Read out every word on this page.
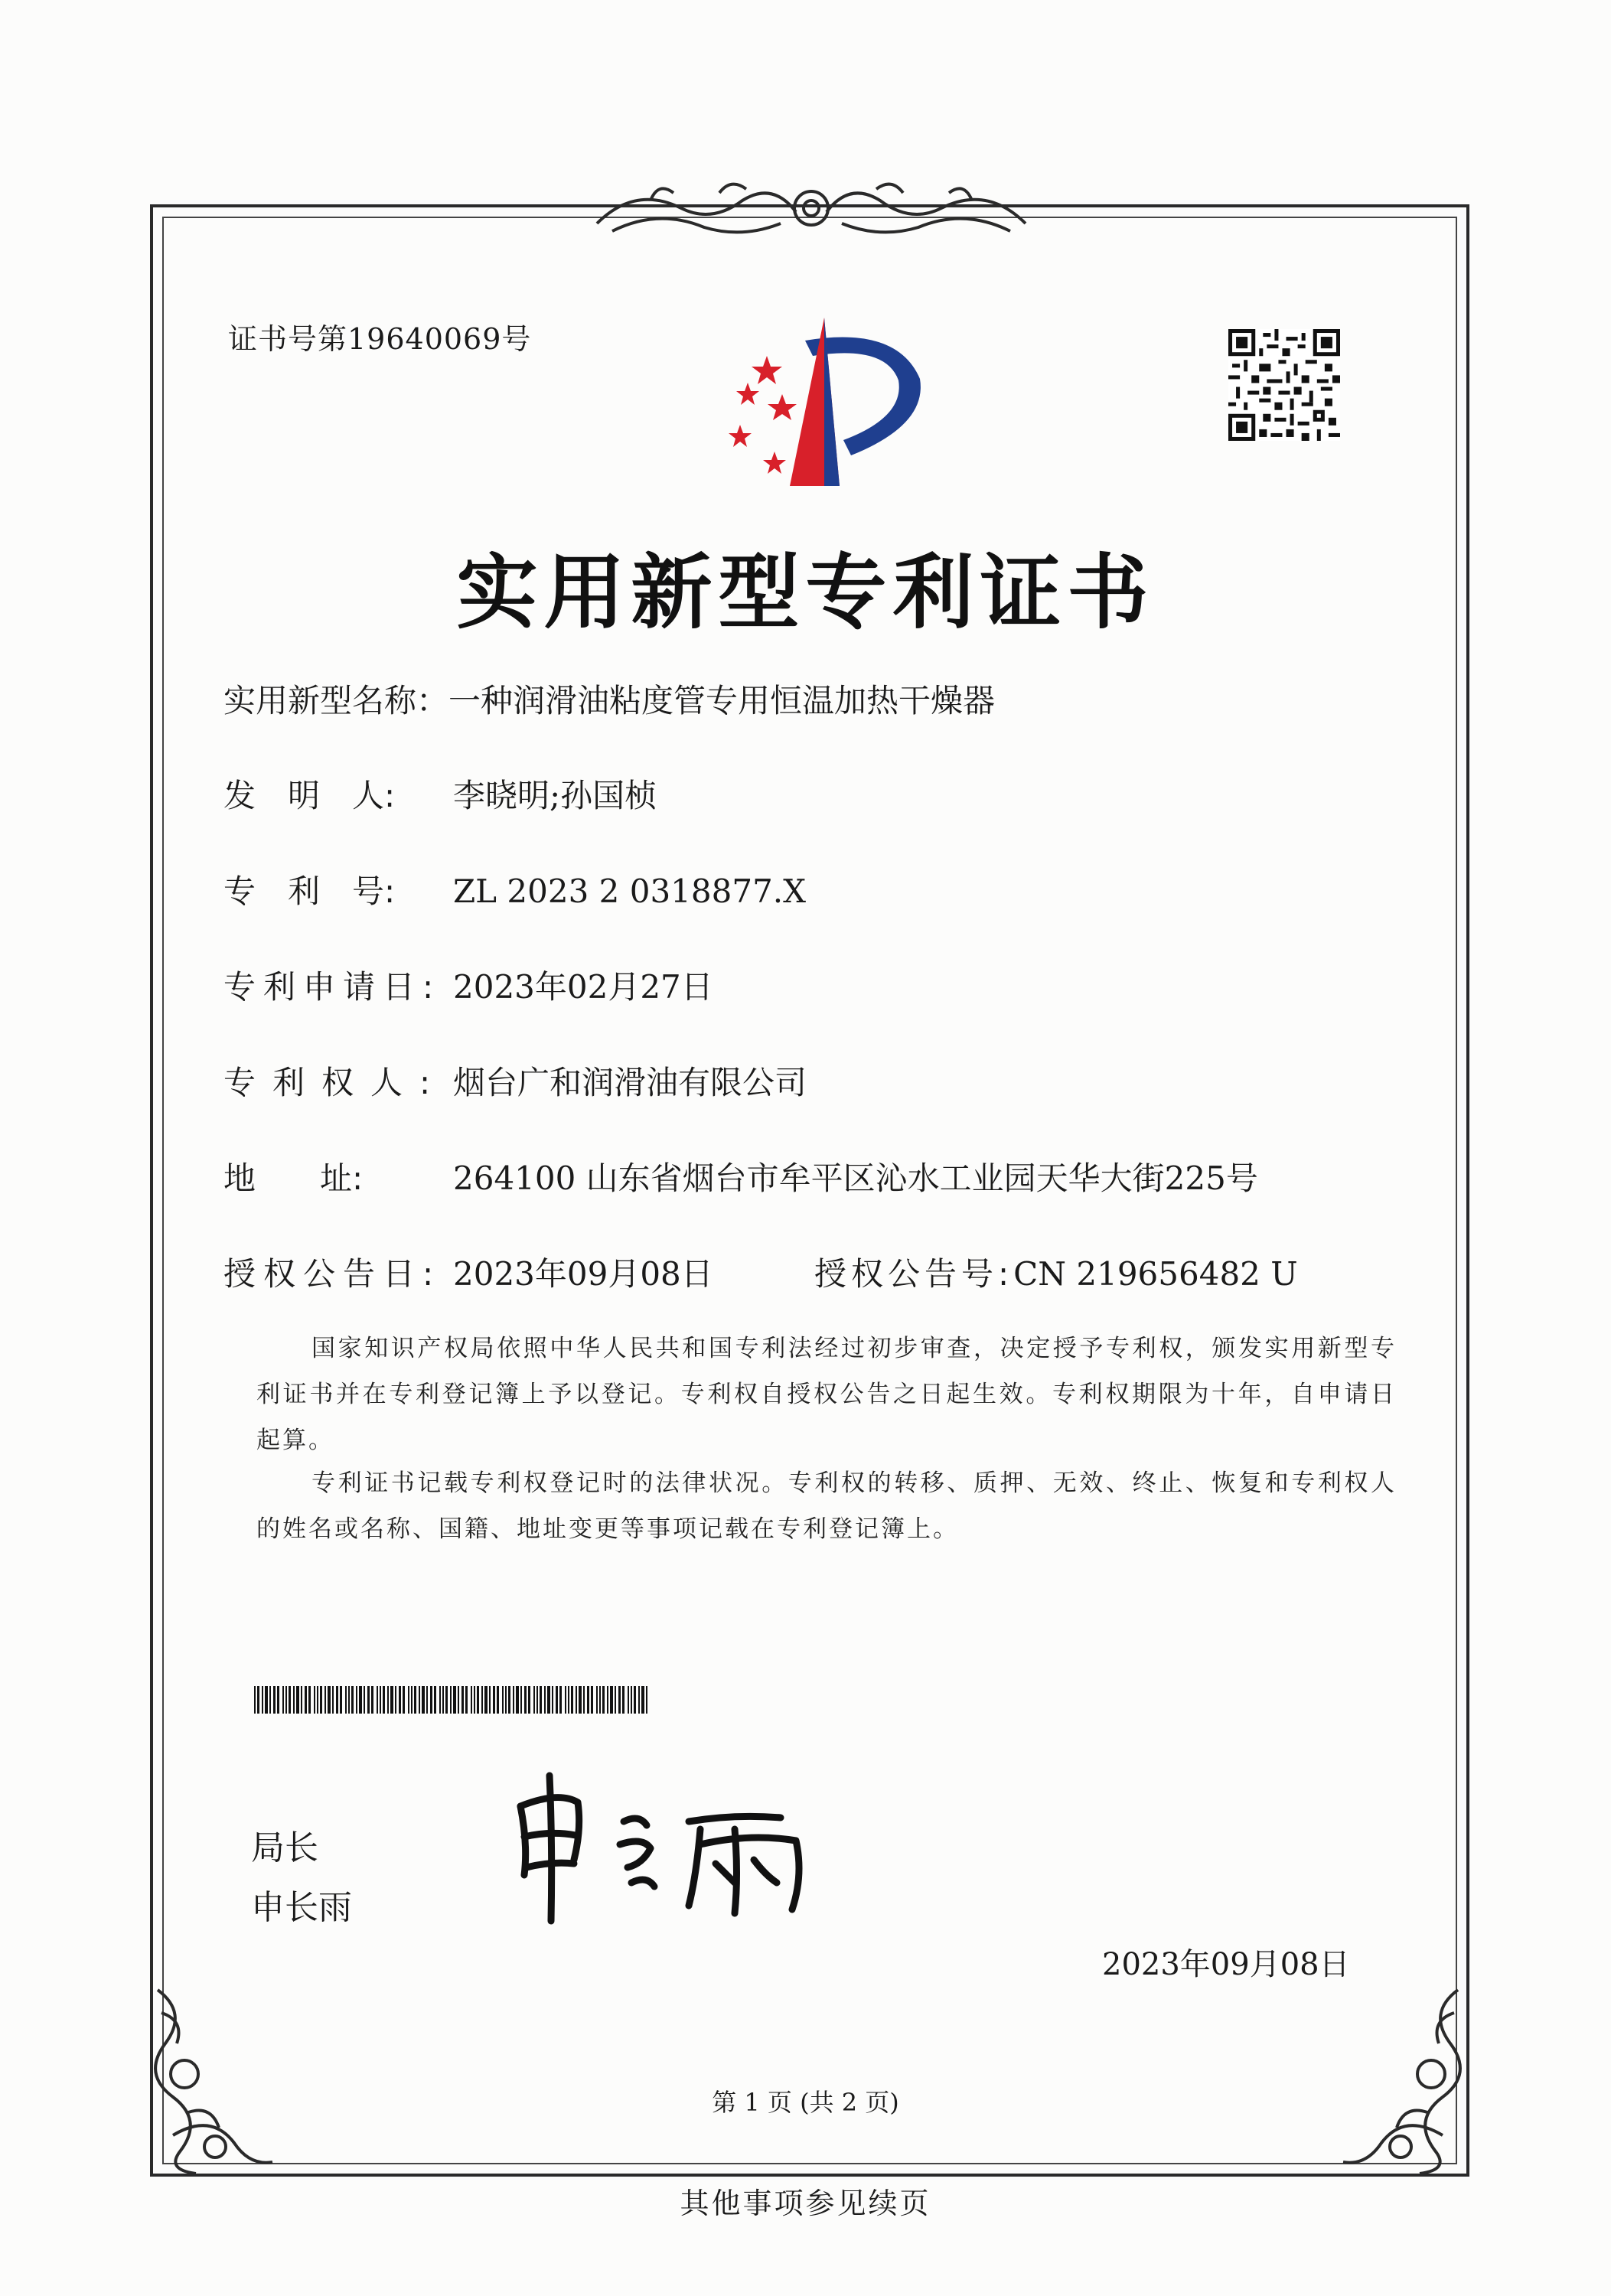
证书号第19640069号
实用新型专利证书
实用新型名称：一种润滑油粘度管专用恒温加热干燥器
发　明　人: 李晓明;孙国桢
专　利　号: ZL 2023 2 0318877.X
专利申请日: 2023年02月27日
专利权人: 烟台广和润滑油有限公司
地　　址:	264100 山东省烟台市牟平区沁水工业园天华大街225号
授权公告日: 2023年09月08日	授权公告号:CN 219656482 U
国家知识产权局依照中华人民共和国专利法经过初步审查，决定授予专利权，颁发实用新型专利证书并在专利登记簿上予以登记。专利权自授权公告之日起生效。专利权期限为十年，自申请日起算。
专利证书记载专利权登记时的法律状况。专利权的转移、质押、无效、终止、恢复和专利权人的姓名或名称、国籍、地址变更等事项记载在专利登记簿上。
局长
申长雨
2023年09月08日
第 1 页 (共 2 页)
其他事项参见续页
